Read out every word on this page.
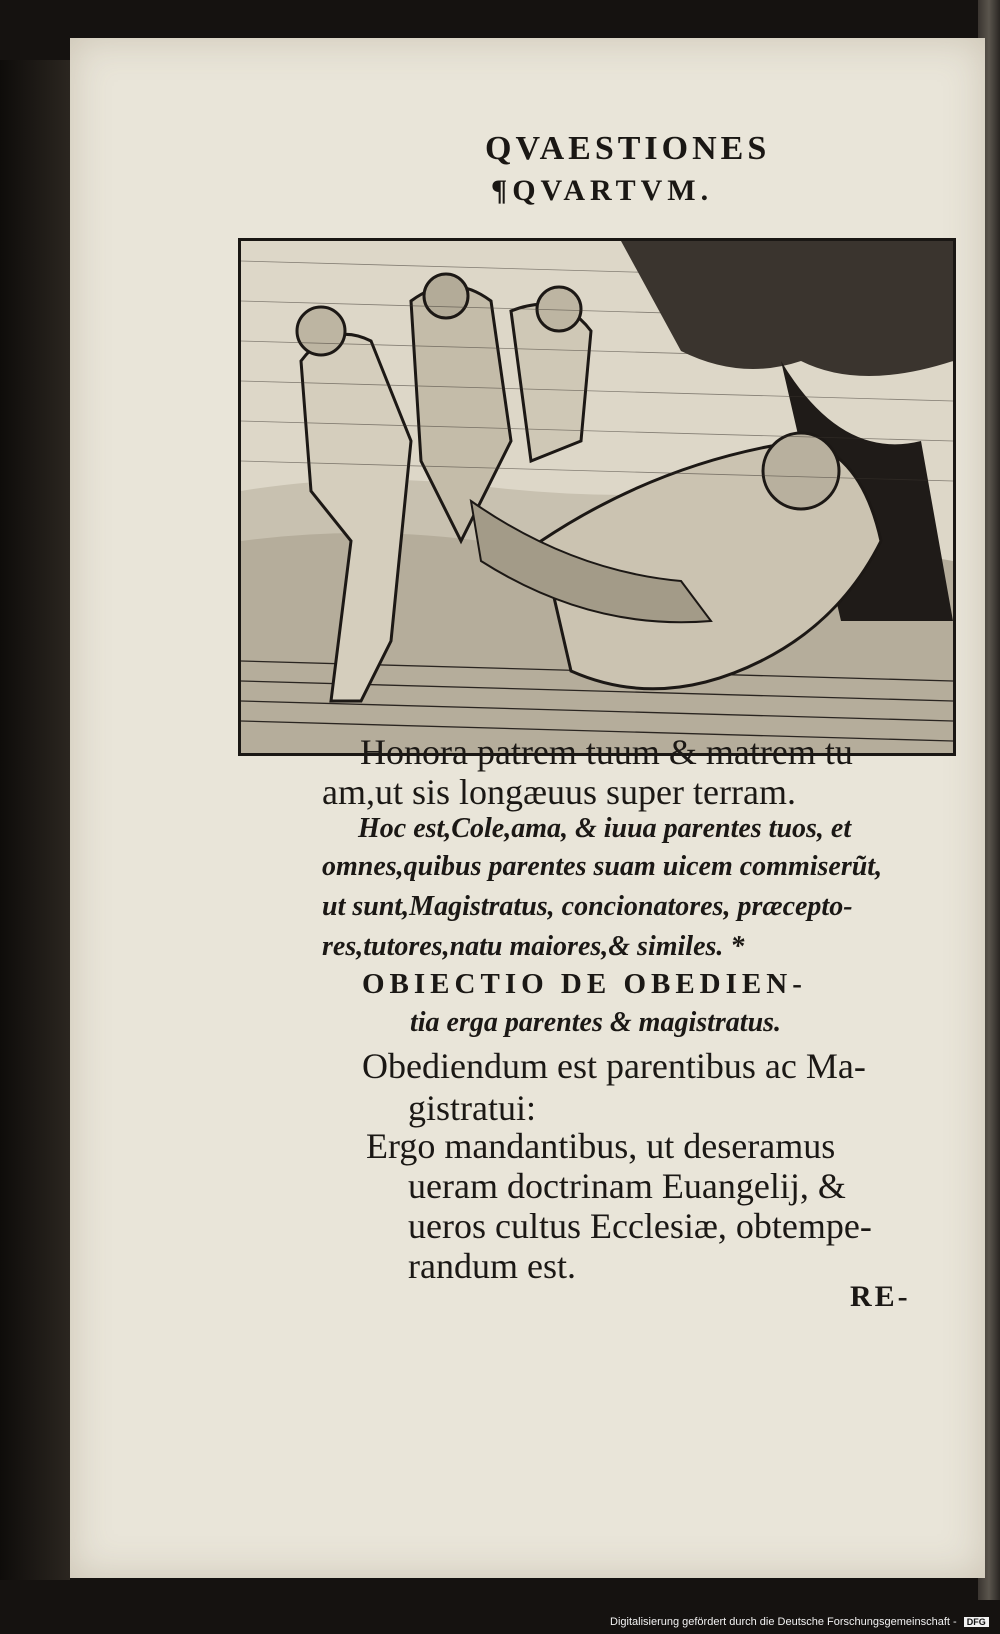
QVAESTIONES
¶QVARTVM.
Honora patrem tuum & matrem tu
am,ut sis longæuus super terram.
Hoc est,Cole,ama, & iuua parentes tuos, et
omnes,quibus parentes suam uicem commiserũt,
ut sunt,Magistratus, concionatores, præcepto-
res,tutores,natu maiores,& similes. *
OBIECTIO DE OBEDIEN-
tia erga parentes & magistratus.
Obediendum est parentibus ac Ma-
gistratui:
Ergo mandantibus, ut deseramus
ueram doctrinam Euangelij, &
ueros cultus Ecclesiæ, obtempe-
randum est.
RE-
Digitalisierung gefördert durch die Deutsche Forschungsgemeinschaft - DFG
